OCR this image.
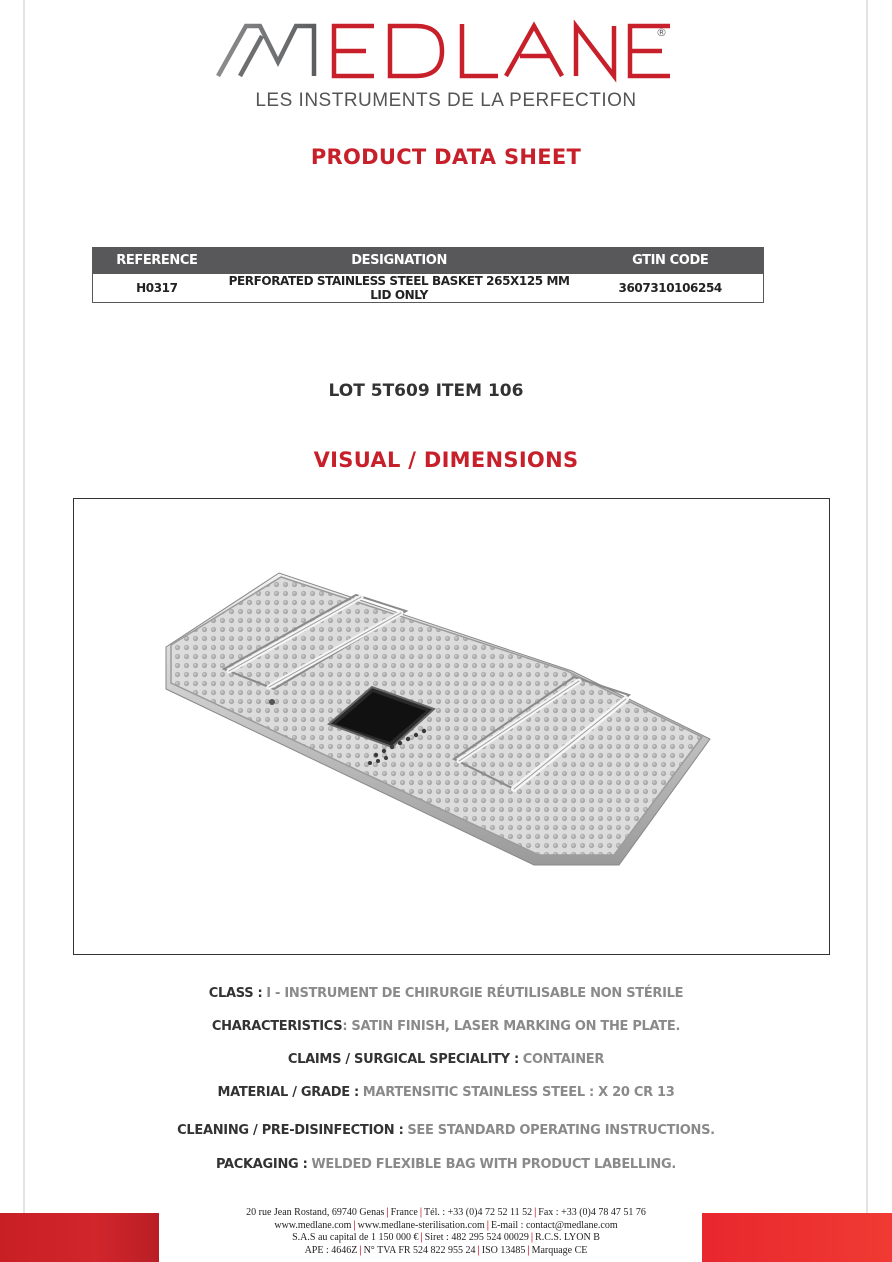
®
LES INSTRUMENTS DE LA PERFECTION
PRODUCT DATA SHEET
REFERENCE	DESIGNATION	GTIN CODE
H0317	PERFORATED STAINLESS STEEL BASKET 265X125 MM LID ONLY	3607310106254
LOT 5T609 ITEM 106
VISUAL / DIMENSIONS
CLASS : I - INSTRUMENT DE CHIRURGIE RÉUTILISABLE NON STÉRILE
CHARACTERISTICS: SATIN FINISH, LASER MARKING ON THE PLATE.
CLAIMS / SURGICAL SPECIALITY : CONTAINER
MATERIAL / GRADE : MARTENSITIC STAINLESS STEEL : X 20 CR 13
CLEANING / PRE-DISINFECTION : SEE STANDARD OPERATING INSTRUCTIONS.
PACKAGING : WELDED FLEXIBLE BAG WITH PRODUCT LABELLING.
20 rue Jean Rostand, 69740 Genas | France | Tél. : +33 (0)4 72 52 11 52 | Fax : +33 (0)4 78 47 51 76
www.medlane.com | www.medlane-sterilisation.com | E-mail : contact@medlane.com
S.A.S au capital de 1 150 000 € | Siret : 482 295 524 00029 | R.C.S. LYON B
APE : 4646Z | N° TVA FR 524 822 955 24 | ISO 13485 | Marquage CE
